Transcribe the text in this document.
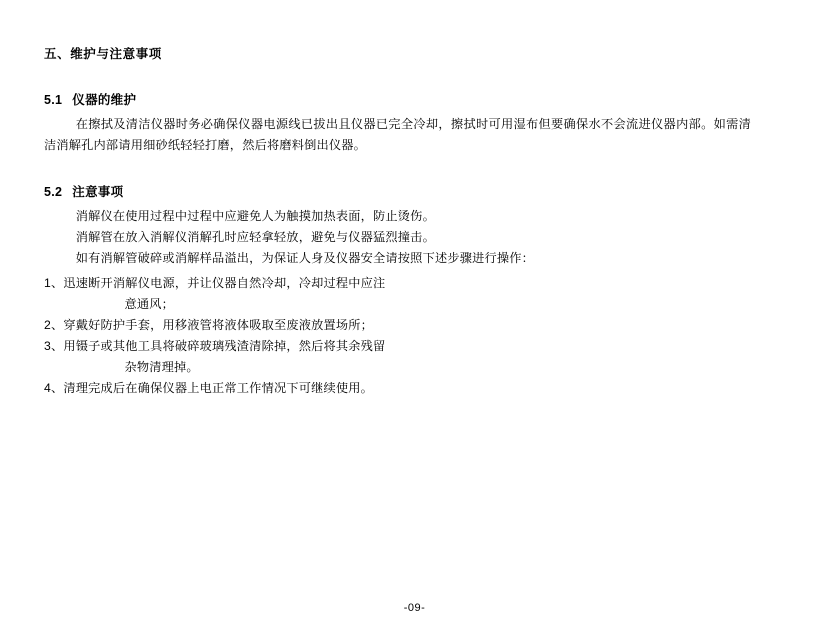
五、维护与注意事项
5.1 仪器的维护

在擦拭及清洁仪器时务必确保仪器电源线已拔出且仪器已完全冷却，擦拭时可用湿布但要确保水不会流进仪器内部。如需清洁消解孔内部请用细砂纸轻轻打磨，然后将磨料倒出仪器。

5.2 注意事项

消解仪在使用过程中过程中应避免人为触摸加热表面，防止烫伤。

消解管在放入消解仪消解孔时应轻拿轻放，避免与仪器猛烈撞击。

如有消解管破碎或消解样品溢出，为保证人身及仪器安全请按照下述步骤进行操作：

1、迅速断开消解仪电源，并让仪器自然冷却，冷却过程中应注
意通风；
2、穿戴好防护手套，用移液管将液体吸取至废液放置场所；
3、用镊子或其他工具将破碎玻璃残渣清除掉，然后将其余残留
杂物清理掉。
4、清理完成后在确保仪器上电正常工作情况下可继续使用。
-09-
